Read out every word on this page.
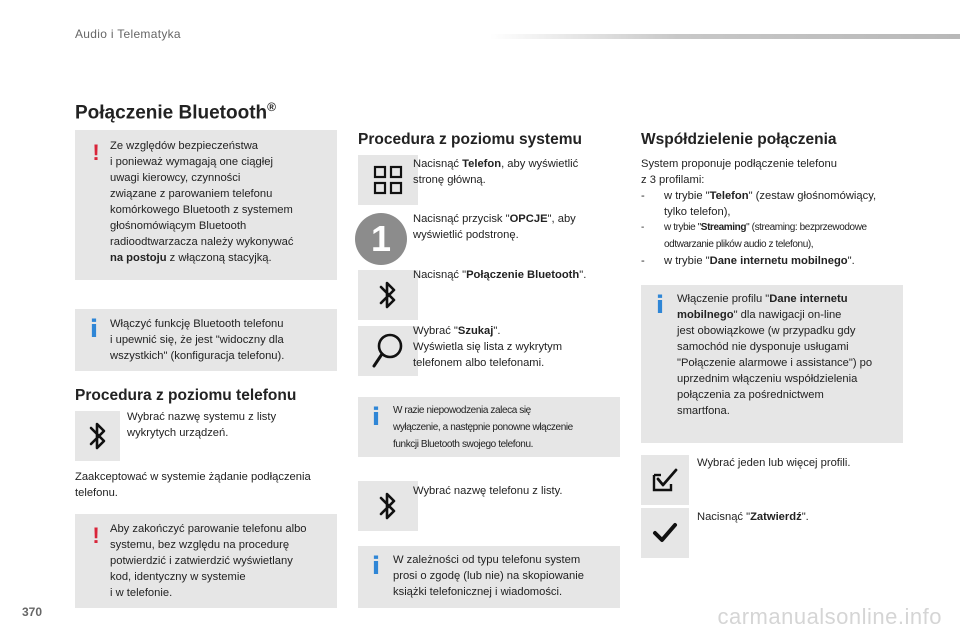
Audio i Telematyka
Połączenie Bluetooth®
! Ze względów bezpieczeństwa

i ponieważ wymagają one ciągłej

uwagi kierowcy, czynności

związane z parowaniem telefonu

komórkowego Bluetooth z systemem

głośnomówiącym Bluetooth

radioodtwarzacza należy wykonywać

na postoju z włączoną stacyjką.

i Włączyć funkcję Bluetooth telefonu

i upewnić się, że jest "widoczny dla

wszystkich" (konfiguracja telefonu).

Procedura z poziomu telefonu

Wybrać nazwę systemu z listy

wykrytych urządzeń.

Zaakceptować w systemie żądanie podłączenia

telefonu.

! Aby zakończyć parowanie telefonu albo

systemu, bez względu na procedurę

potwierdzić i zatwierdzić wyświetlany

kod, identyczny w systemie

i w telefonie.

Procedura z poziomu systemu

Nacisnąć Telefon, aby wyświetlić

stronę główną.

1	Nacisnąć przycisk "OPCJE", aby

wyświetlić podstronę.

Nacisnąć "Połączenie Bluetooth".

Wybrać "Szukaj".

Wyświetla się lista z wykrytym

telefonem albo telefonami.

i W razie niepowodzenia zaleca się

wyłączenie, a następnie ponowne włączenie

funkcji Bluetooth swojego telefonu.

Wybrać nazwę telefonu z listy.

i W zależności od typu telefonu system

prosi o zgodę (lub nie) na skopiowanie

książki telefonicznej i wiadomości.

Współdzielenie połączenia

System proponuje podłączenie telefonu

z 3 profilami:

-	w trybie "Telefon" (zestaw głośnomówiący,

tylko telefon),

-	w trybie "Streaming" (streaming: bezprzewodowe

odtwarzanie plików audio z telefonu),

-	w trybie "Dane internetu mobilnego".
i Włączenie profilu "Dane internetu

mobilnego" dla nawigacji on-line

jest obowiązkowe (w przypadku gdy

samochód nie dysponuje usługami

"Połączenie alarmowe i assistance") po

uprzednim włączeniu współdzielenia

połączenia za pośrednictwem

smartfona.

Wybrać jeden lub więcej profili.

Nacisnąć "Zatwierdź".

370	carmanualsonline.info
